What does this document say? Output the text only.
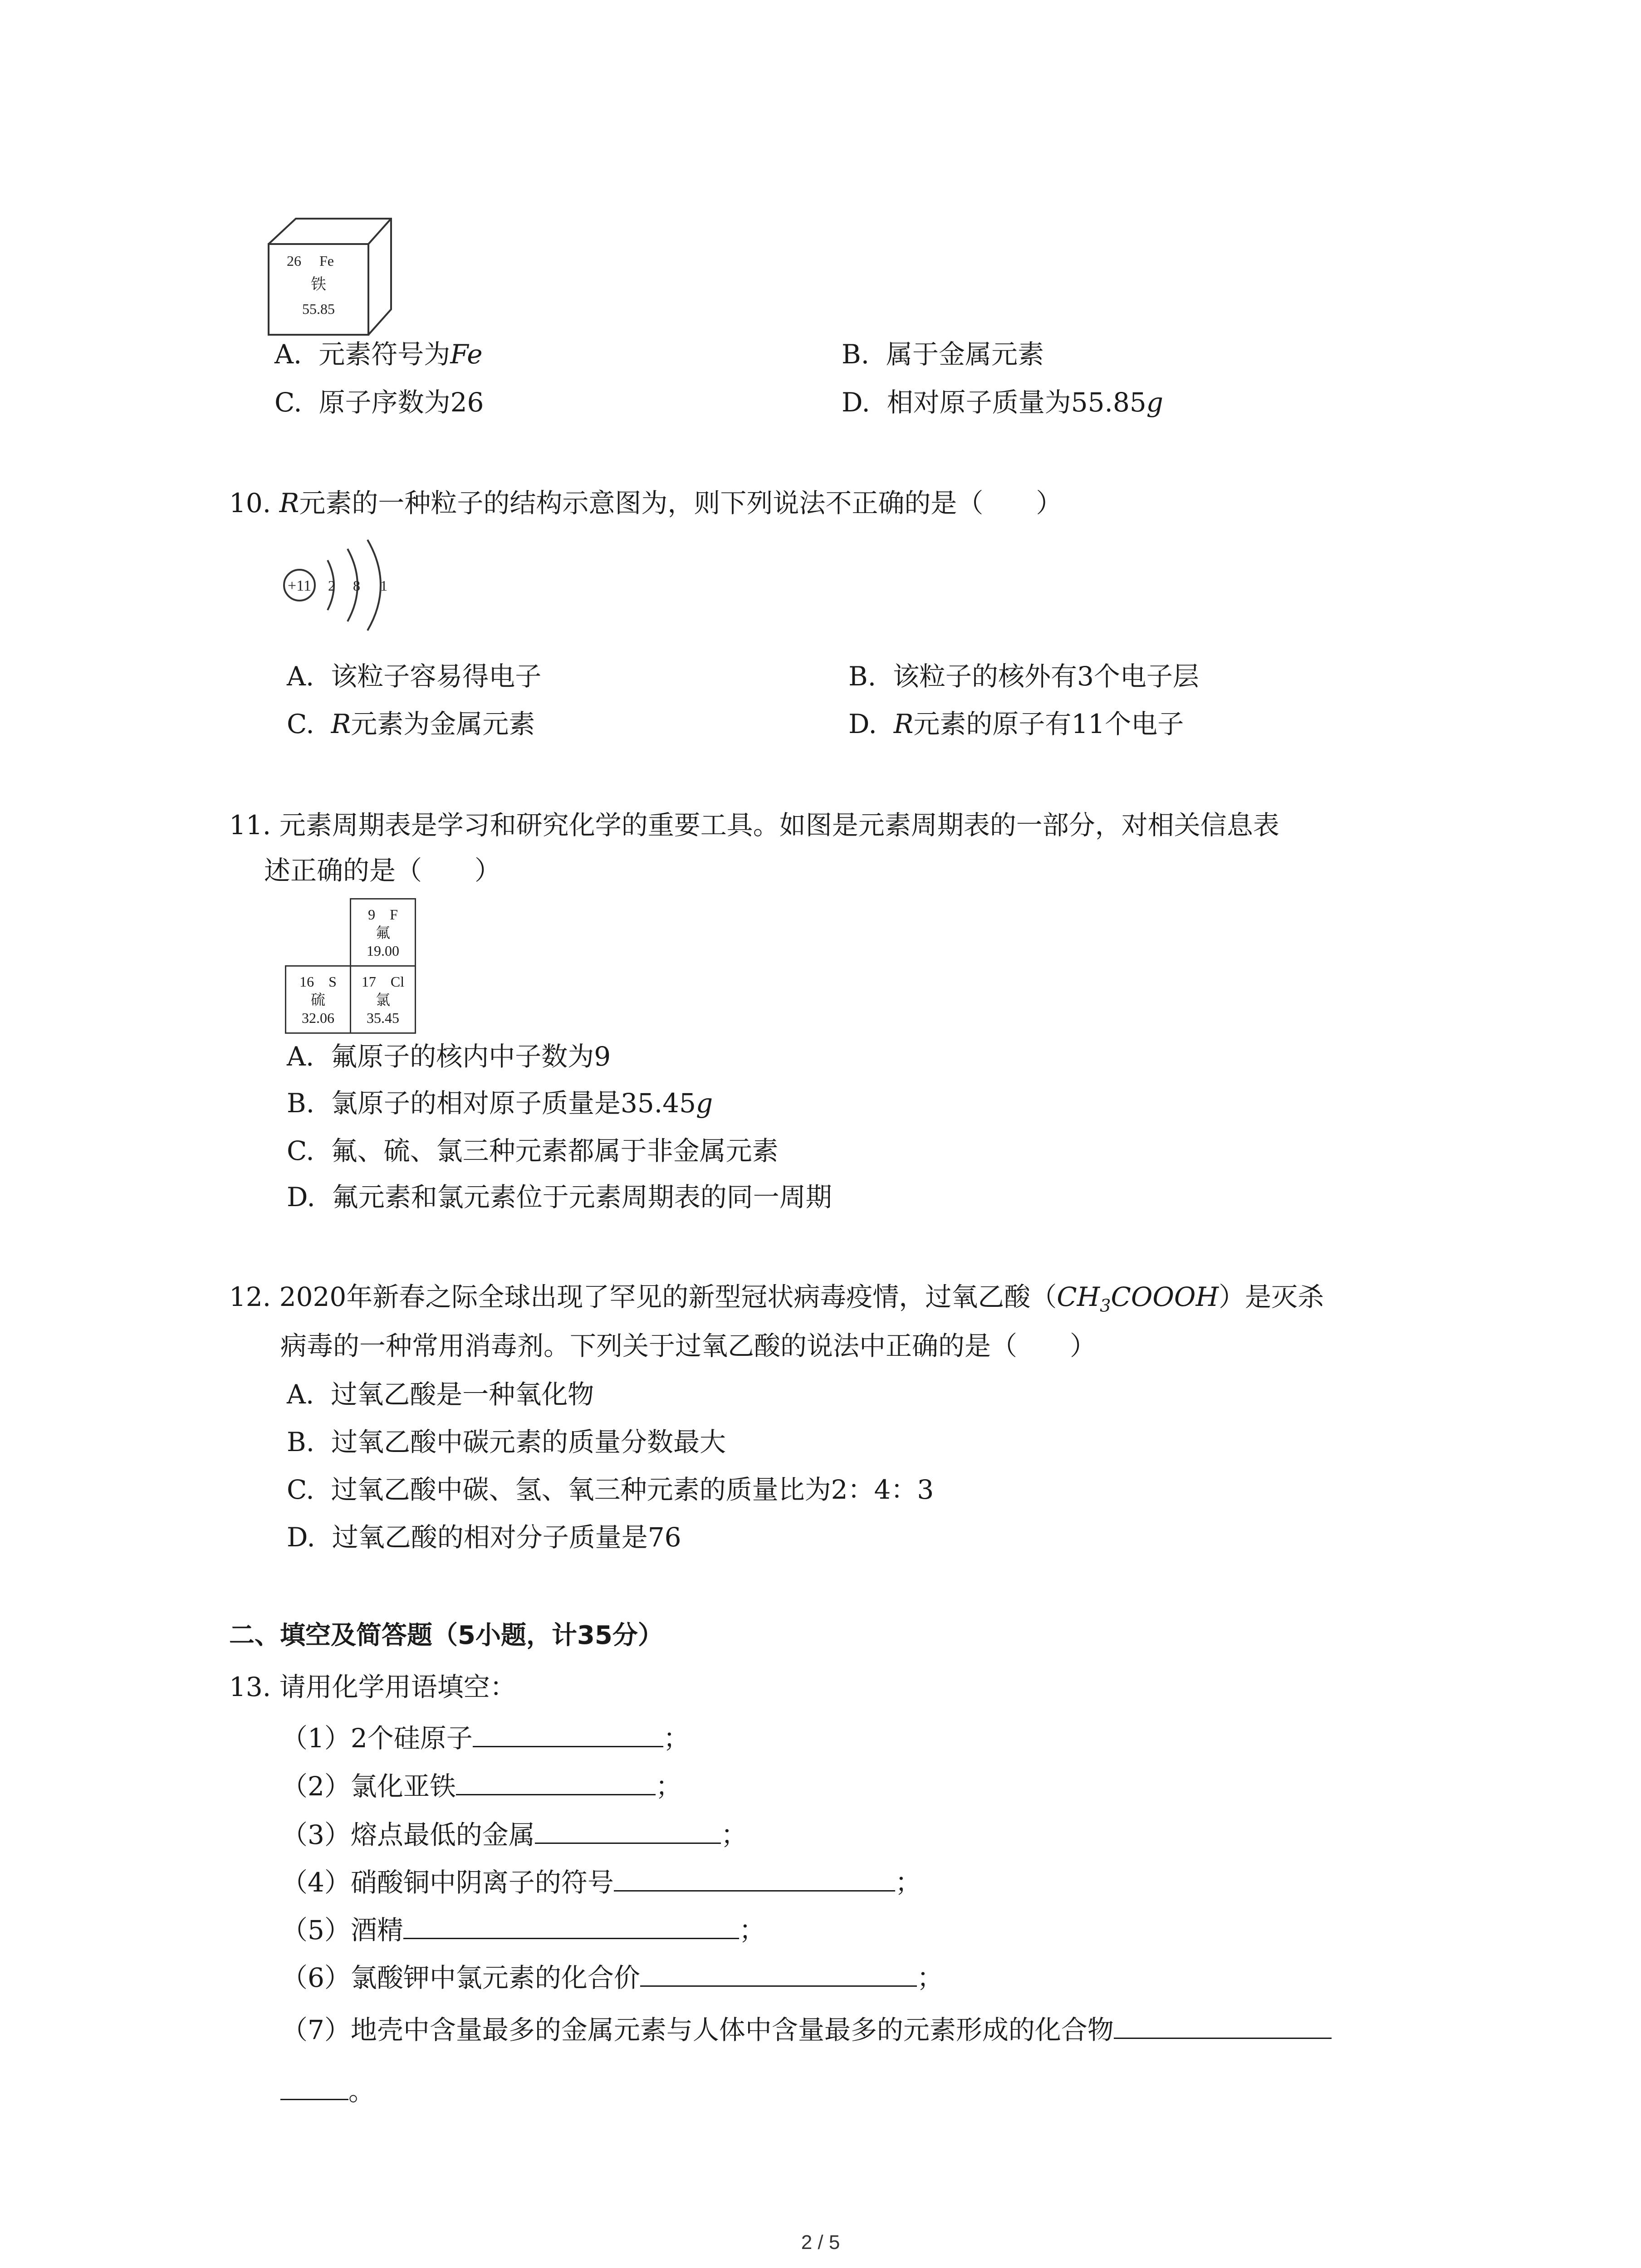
26 Fe
铁
55.85
A. 元素符号为Fe	B. 属于金属元素
C. 原子序数为26	D. 相对原子质量为55.85g
10. R元素的一种粒子的结构示意图为，则下列说法不正确的是（　　）
+11 2 8 1
A. 该粒子容易得电子	B. 该粒子的核外有3个电子层
C. R元素为金属元素	D. R元素的原子有11个电子
11. 元素周期表是学习和研究化学的重要工具。如图是元素周期表的一部分，对相关信息表
述正确的是（　　）

	9　F
氟
19.00

16　S
硫
32.06	17　Cl
氯
35.45
A. 氟原子的核内中子数为9
B. 氯原子的相对原子质量是35.45g
C. 氟、硫、氯三种元素都属于非金属元素
D. 氟元素和氯元素位于元素周期表的同一周期
12. 2020年新春之际全球出现了罕见的新型冠状病毒疫情，过氧乙酸$(CH_3COOOH)$是灭杀
病毒的一种常用消毒剂。下列关于过氧乙酸的说法中正确的是（　　）
A. 过氧乙酸是一种氧化物
B. 过氧乙酸中碳元素的质量分数最大
C. 过氧乙酸中碳、氢、氧三种元素的质量比为2：4：3
D. 过氧乙酸的相对分子质量是76
二、填空及简答题（5小题，计35分）
13. 请用化学用语填空：
（1）2个硅原子	；
（2）氯化亚铁	；
（3）熔点最低的金属	；
（4）硝酸铜中阴离子的符号	；
（5）酒精	；
（6）氯酸钾中氯元素的化合价	；
（7）地壳中含量最多的金属元素与人体中含量最多的元素形成的化合物
。
2 / 5
